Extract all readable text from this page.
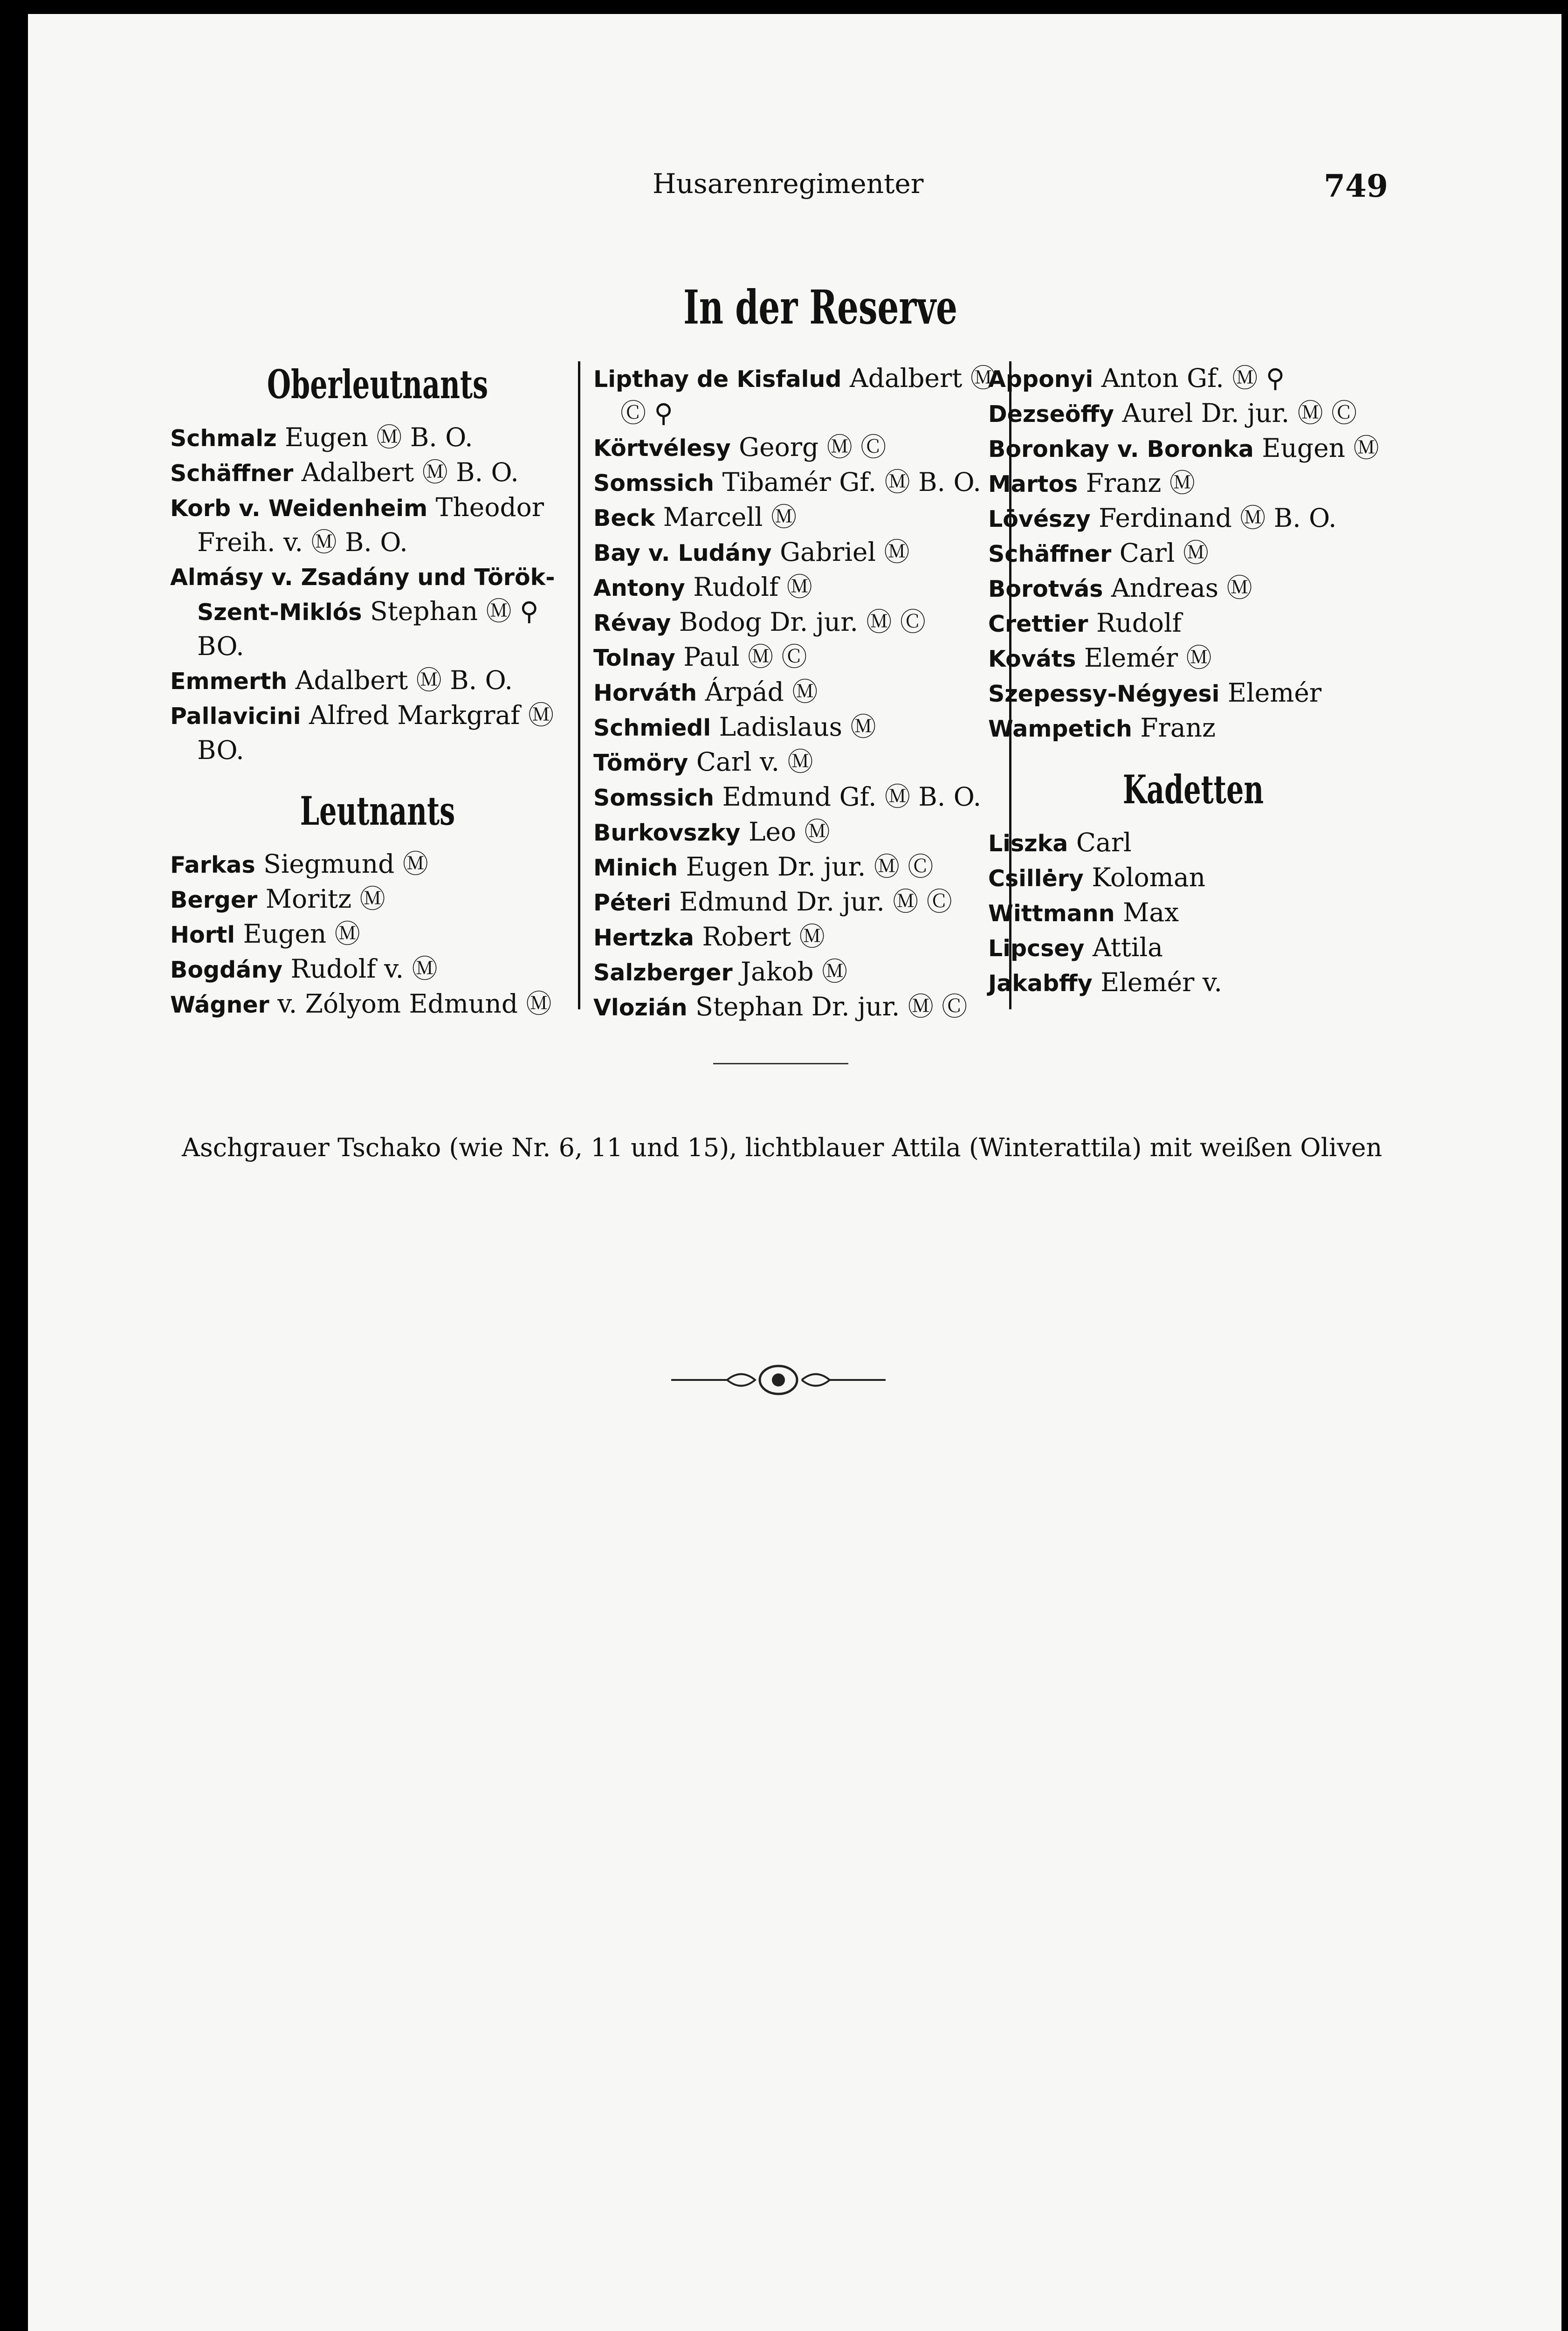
Husarenregimenter	749
In der Reserve
Oberleutnants
Schmalz Eugen Ⓜ B. O.
Schäffner Adalbert Ⓜ B. O.
Korb v. Weidenheim Theodor Freih. v. Ⓜ B. O.
Almásy v. Zsadány und Török-Szent-Miklós Stephan Ⓜ ⚲ BO.
Emmerth Adalbert Ⓜ B. O.
Pallavicini Alfred Markgraf Ⓜ BO.
Leutnants
Farkas Siegmund Ⓜ
Berger Moritz Ⓜ
Hortl Eugen Ⓜ
Bogdány Rudolf v. Ⓜ
Wágner v. Zólyom Edmund Ⓜ
Lipthay de Kisfalud Adalbert Ⓜ Ⓒ ⚲
Körtvélesy Georg Ⓜ Ⓒ
Somssich Tibamér Gf. Ⓜ B. O.
Beck Marcell Ⓜ
Bay v. Ludány Gabriel Ⓜ
Antony Rudolf Ⓜ
Révay Bodog Dr. jur. Ⓜ Ⓒ
Tolnay Paul Ⓜ Ⓒ
Horváth Árpád Ⓜ
Schmiedl Ladislaus Ⓜ
Tömöry Carl v. Ⓜ
Somssich Edmund Gf. Ⓜ B. O.
Burkovszky Leo Ⓜ
Minich Eugen Dr. jur. Ⓜ Ⓒ
Péteri Edmund Dr. jur. Ⓜ Ⓒ
Hertzka Robert Ⓜ
Salzberger Jakob Ⓜ
Vlozián Stephan Dr. jur. Ⓜ Ⓒ
Apponyi Anton Gf. Ⓜ ⚲
Dezseöffy Aurel Dr. jur. Ⓜ Ⓒ
Boronkay v. Boronka Eugen Ⓜ
Martos Franz Ⓜ
Lövészy Ferdinand Ⓜ B. O.
Schäffner Carl Ⓜ
Borotvás Andreas Ⓜ
Crettier Rudolf
Kováts Elemér Ⓜ
Szepessy-Négyesi Elemér
Wampetich Franz
Kadetten
Liszka Carl
Csillėry Koloman
Wittmann Max
Lipcsey Attila
Jakabffy Elemér v.
Aschgrauer Tschako (wie Nr. 6, 11 und 15), lichtblauer Attila (Winterattila) mit weißen Oliven
